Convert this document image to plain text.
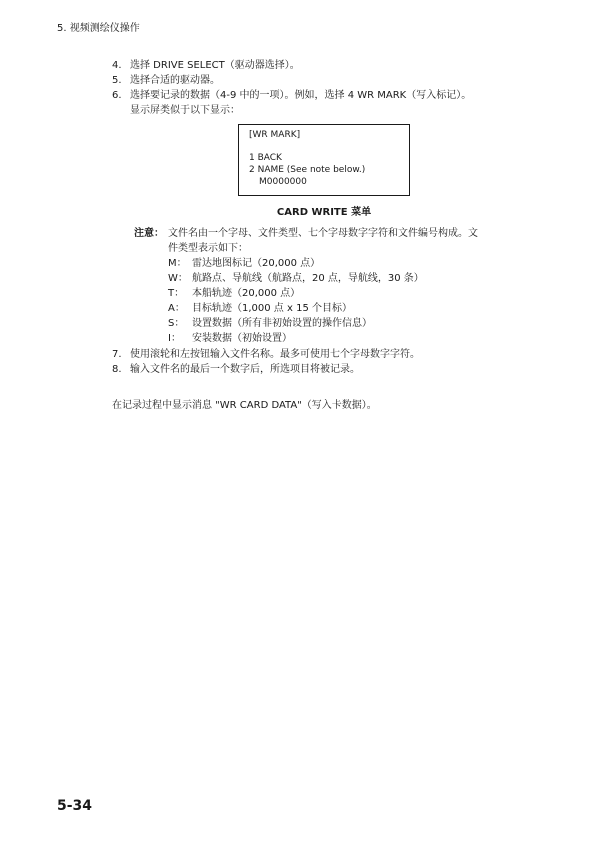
5. 视频测绘仪操作
4. 选择 DRIVE SELECT（驱动器选择）。
5. 选择合适的驱动器。
6. 选择要记录的数据（4-9 中的一项）。例如，选择 4 WR MARK（写入标记）。
显示屏类似于以下显示：
[WR MARK]
1 BACK
2 NAME (See note below.)
M0000000
CARD WRITE 菜单
注意： 文件名由一个字母、文件类型、七个字母数字字符和文件编号构成。文
件类型表示如下：
M： 雷达地图标记（20,000 点）
W： 航路点、导航线（航路点，20 点，导航线，30 条）
T： 本船轨迹（20,000 点）
A： 目标轨迹（1,000 点 x 15 个目标）
S： 设置数据（所有非初始设置的操作信息）
I： 安装数据（初始设置）
7. 使用滚轮和左按钮输入文件名称。最多可使用七个字母数字字符。
8. 输入文件名的最后一个数字后，所选项目将被记录。
在记录过程中显示消息 "WR CARD DATA"（写入卡数据）。
5-34
